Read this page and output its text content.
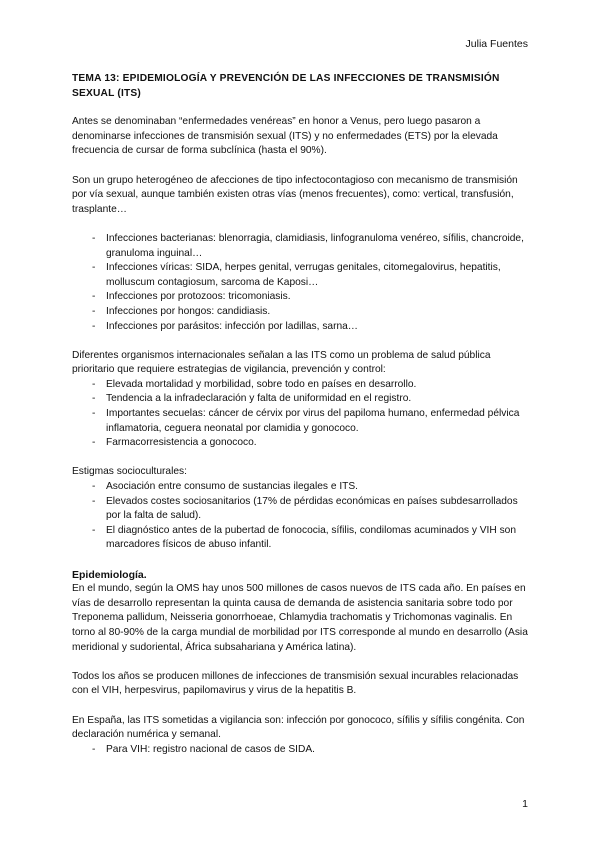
Julia Fuentes
TEMA 13: EPIDEMIOLOGÍA Y PREVENCIÓN DE LAS INFECCIONES DE TRANSMISIÓN SEXUAL (ITS)

Antes se denominaban “enfermedades venéreas” en honor a Venus, pero luego pasaron a denominarse infecciones de transmisión sexual (ITS) y no enfermedades (ETS) por la elevada frecuencia de cursar de forma subclínica (hasta el 90%).

Son un grupo heterogéneo de afecciones de tipo infectocontagioso con mecanismo de transmisión por vía sexual, aunque también existen otras vías (menos frecuentes), como: vertical, transfusión, trasplante…

- Infecciones bacterianas: blenorragia, clamidiasis, linfogranuloma venéreo, sífilis, chancroide, granuloma inguinal…
- Infecciones víricas: SIDA, herpes genital, verrugas genitales, citomegalovirus, hepatitis, molluscum contagiosum, sarcoma de Kaposi…
- Infecciones por protozoos: tricomoniasis.
- Infecciones por hongos: candidiasis.
- Infecciones por parásitos: infección por ladillas, sarna…

Diferentes organismos internacionales señalan a las ITS como un problema de salud pública prioritario que requiere estrategias de vigilancia, prevención y control:

- Elevada mortalidad y morbilidad, sobre todo en países en desarrollo.
- Tendencia a la infradeclaración y falta de uniformidad en el registro.
- Importantes secuelas: cáncer de cérvix por virus del papiloma humano, enfermedad pélvica inflamatoria, ceguera neonatal por clamidia y gonococo.
- Farmacorresistencia a gonococo.

Estigmas socioculturales:

- Asociación entre consumo de sustancias ilegales e ITS.
- Elevados costes sociosanitarios (17% de pérdidas económicas en países subdesarrollados por la falta de salud).
- El diagnóstico antes de la pubertad de fonococia, sífilis, condilomas acuminados y VIH son marcadores físicos de abuso infantil.

Epidemiología.

En el mundo, según la OMS hay unos 500 millones de casos nuevos de ITS cada año. En países en vías de desarrollo representan la quinta causa de demanda de asistencia sanitaria sobre todo por Treponema pallidum, Neisseria gonorrhoeae, Chlamydia trachomatis y Trichomonas vaginalis. En torno al 80-90% de la carga mundial de morbilidad por ITS corresponde al mundo en desarrollo (Asia meridional y sudoriental, África subsahariana y América latina).

Todos los años se producen millones de infecciones de transmisión sexual incurables relacionadas con el VIH, herpesvirus, papilomavirus y virus de la hepatitis B.

En España, las ITS sometidas a vigilancia son: infección por gonococo, sífilis y sífilis congénita. Con declaración numérica y semanal.

- Para VIH: registro nacional de casos de SIDA.
1
